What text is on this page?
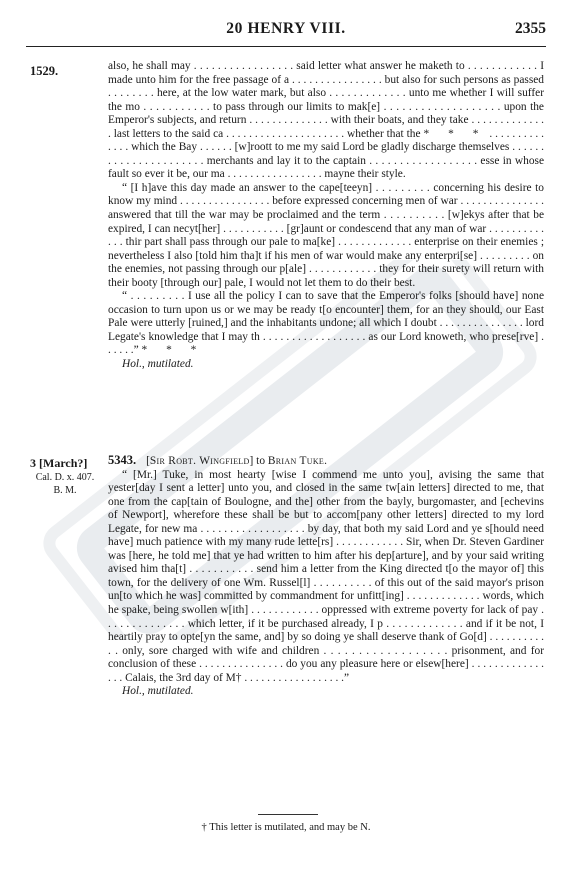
20 HENRY VIII.	2355
1529.	also, he shall may . . . . . . . . . . . . . . . . . said letter what answer he maketh to . . . . . . . . . . . . I made unto him for the free passage of a . . . . . . . . . . . . . . . . but also for such persons as passed . . . . . . . . here, at the low water mark, but also . . . . . . . . . . . . . unto me whether I will suffer the mo . . . . . . . . . . . to pass through our limits to mak[e] . . . . . . . . . . . . . . . . . . . upon the Emperor's subjects, and return . . . . . . . . . . . . . . with their boats, and they take . . . . . . . . . . . . . . last letters to the said ca . . . . . . . . . . . . . . . . . . . . . whether that the * * * . . . . . . . . . . . . . . which the Bay . . . . . . [w]roott to me my said Lord be gladly discharge themselves . . . . . . . . . . . . . . . . . . . . . . merchants and lay it to the captain . . . . . . . . . . . . . . . . . . esse in whose fault so ever it be, our ma . . . . . . . . . . . . . . . . . mayne their style.

“ [I h]ave this day made an answer to the cape[teeyn] . . . . . . . . . concerning his desire to know my mind . . . . . . . . . . . . . . . . before expressed concerning men of war . . . . . . . . . . . . . . . answered that till the war may be proclaimed and the term . . . . . . . . . . [w]ekys after that be expired, I can necyt[her] . . . . . . . . . . . [gr]aunt or condescend that any man of war . . . . . . . . . . . . . thir part shall pass through our pale to ma[ke] . . . . . . . . . . . . . enterprise on their enemies ; nevertheless I also [told him tha]t if his men of war would make any enterpri[se] . . . . . . . . . on the enemies, not passing through our p[ale] . . . . . . . . . . . . they for their surety will return with their booty [through our] pale, I would not let them to do their best.

“ . . . . . . . . . I use all the policy I can to save that the Emperor's folks [should have] none occasion to turn upon us or we may be ready t[o encounter] them, for an they should, our East Pale were utterly [ruined,] and the inhabitants undone; all which I doubt . . . . . . . . . . . . . . . lord Legate's knowledge that I may th . . . . . . . . . . . . . . . . . . as our Lord knoweth, who prese[rve] . . . . . .” * * *

Hol., mutilated.

3 [March?]
Cal. D. x. 407.
B. M.

5343. [Sir Robt. Wingfield] to Brian Tuke.

“ [Mr.] Tuke, in most hearty [wise I commend me unto you], avising the same that yester[day I sent a letter] unto you, and closed in the same tw[ain letters] directed to me, that one from the cap[tain of Boulogne, and the] other from the bayly, burgomaster, and [echevins of Newport], wherefore these shall be but to accom[pany other letters] directed to my lord Legate, for new ma . . . . . . . . . . . . . . . . . . by day, that both my said Lord and ye s[hould need have] much patience with my many rude lette[rs] . . . . . . . . . . . . Sir, when Dr. Steven Gardiner was [here, he told me] that ye had written to him after his dep[arture], and by your said writing avised him tha[t] . . . . . . . . . . . send him a letter from the King directed t[o the mayor of] this town, for the delivery of one Wm. Russel[l] . . . . . . . . . . of this out of the said mayor's prison un[to which he was] committed by commandment for unfitt[ing] . . . . . . . . . . . . . words, which he spake, being swollen w[ith] . . . . . . . . . . . . oppressed with extreme poverty for lack of pay . . . . . . . . . . . . . . which letter, if it be purchased already, I p . . . . . . . . . . . . . and if it be not, I heartily pray to opte[yn the same, and] by so doing ye shall deserve thank of Go[d] . . . . . . . . . . . . only, sore charged with wife and children . . . . . . . . . . . . . . . . . . prisonment, and for conclusion of these . . . . . . . . . . . . . . . do you any pleasure here or elsew[here] . . . . . . . . . . . . . . . . Calais, the 3rd day of M† . . . . . . . . . . . . . . . . . .”

Hol., mutilated.

† This letter is mutilated, and may be N.
